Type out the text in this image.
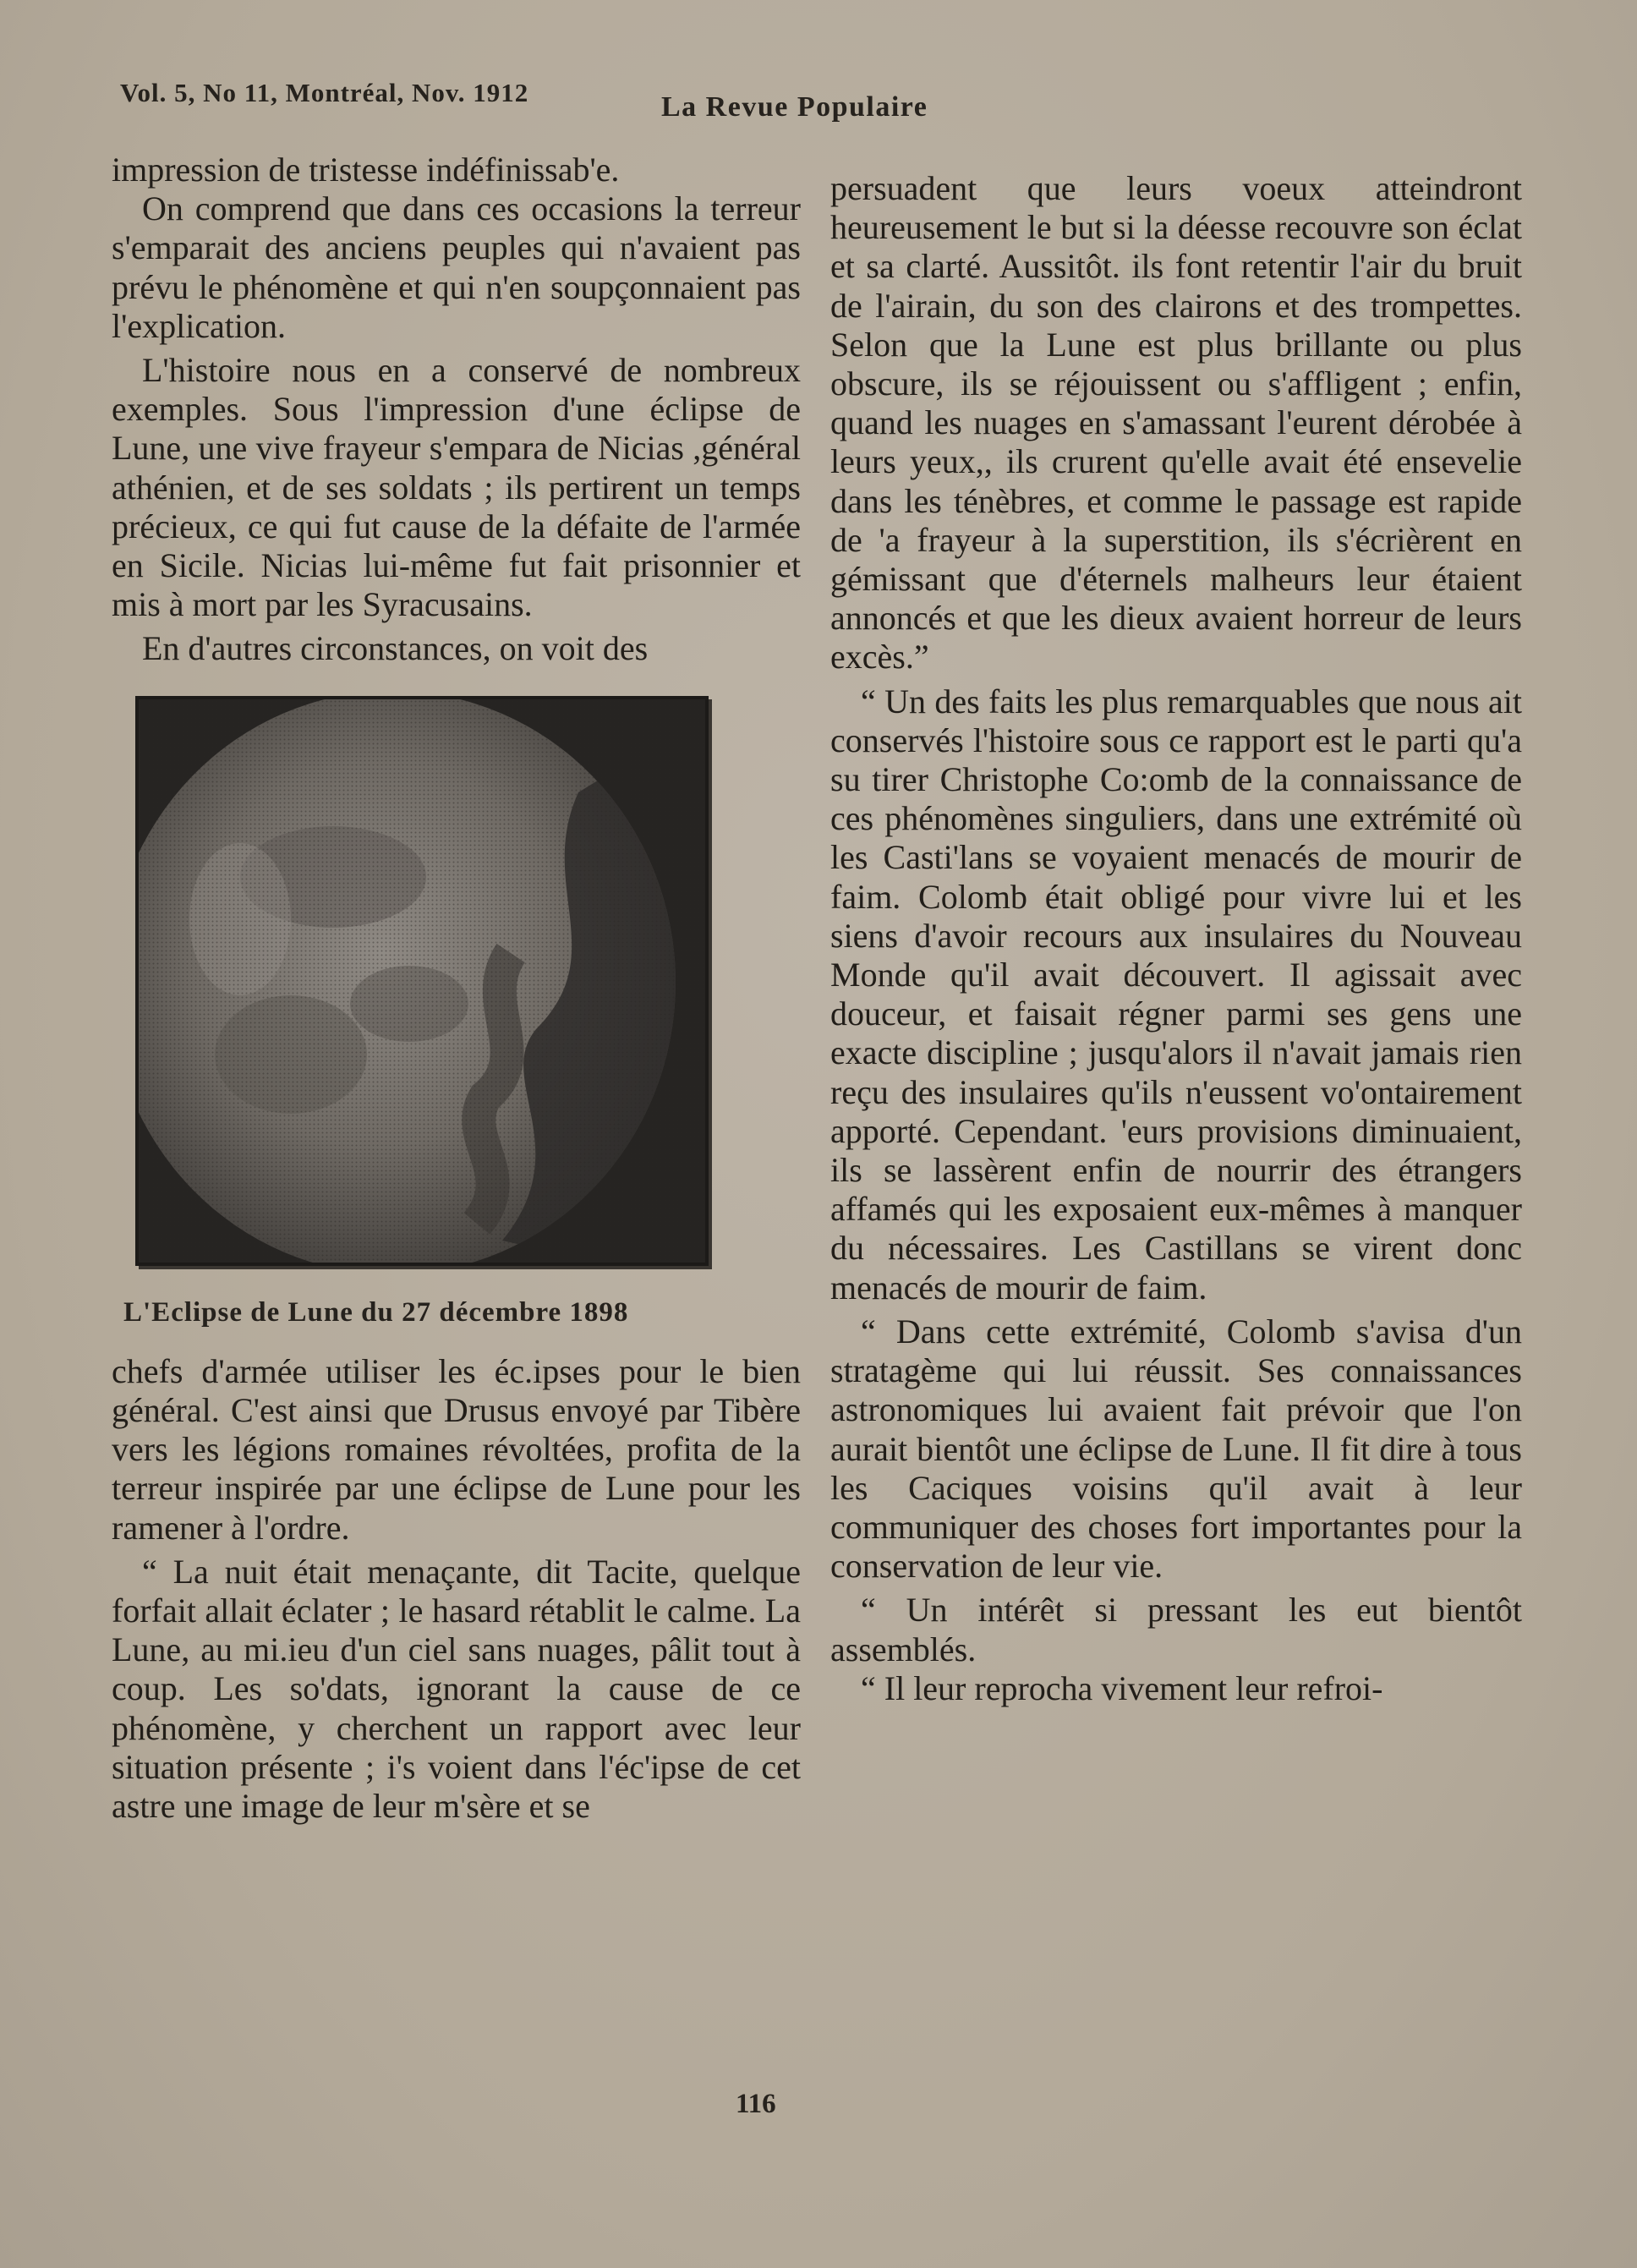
Vol. 5, No 11, Montréal, Nov. 1912	La Revue Populaire

impression de tristesse indéfinissab'e.

On comprend que dans ces occasions la terreur s'emparait des anciens peuples qui n'avaient pas prévu le phénomène et qui n'en soupçonnaient pas l'explication.

L'histoire nous en a conservé de nombreux exemples. Sous l'impression d'une éclipse de Lune, une vive frayeur s'empara de Nicias ,général athénien, et de ses soldats ; ils pertirent un temps précieux, ce qui fut cause de la défaite de l'armée en Sicile. Nicias lui-même fut fait prisonnier et mis à mort par les Syracusains.

En d'autres circonstances, on voit des

L'Eclipse de Lune du 27 décembre 1898

chefs d'armée utiliser les éc.ipses pour le bien général. C'est ainsi que Drusus envoyé par Tibère vers les légions romaines révoltées, profita de la terreur inspirée par une éclipse de Lune pour les ramener à l'ordre.

“ La nuit était menaçante, dit Tacite, quelque forfait allait éclater ; le hasard rétablit le calme. La Lune, au mi.ieu d'un ciel sans nuages, pâlit tout à coup. Les so'dats, ignorant la cause de ce phénomène, y cherchent un rapport avec leur situation présente ; i's voient dans l'éc'ipse de cet astre une image de leur m'sère et se

persuadent que leurs voeux atteindront heureusement le but si la déesse recouvre son éclat et sa clarté. Aussitôt. ils font retentir l'air du bruit de l'airain, du son des clairons et des trompettes. Selon que la Lune est plus brillante ou plus obscure, ils se réjouissent ou s'affligent ; enfin, quand les nuages en s'amassant l'eurent dérobée à leurs yeux,, ils crurent qu'elle avait été ensevelie dans les ténèbres, et comme le passage est rapide de 'a frayeur à la superstition, ils s'écrièrent en gémissant que d'éternels malheurs leur étaient annoncés et que les dieux avaient horreur de leurs excès.”

“ Un des faits les plus remarquables que nous ait conservés l'histoire sous ce rapport est le parti qu'a su tirer Christophe Co:omb de la connaissance de ces phénomènes singuliers, dans une extrémité où les Casti'lans se voyaient menacés de mourir de faim. Colomb était obligé pour vivre lui et les siens d'avoir recours aux insulaires du Nouveau Monde qu'il avait découvert. Il agissait avec douceur, et faisait régner parmi ses gens une exacte discipline ; jusqu'alors il n'avait jamais rien reçu des insulaires qu'ils n'eussent vo'ontairement apporté. Cependant. 'eurs provisions diminuaient, ils se lassèrent enfin de nourrir des étrangers affamés qui les exposaient eux-mêmes à manquer du nécessaires. Les Castillans se virent donc menacés de mourir de faim.

“ Dans cette extrémité, Colomb s'avisa d'un stratagème qui lui réussit. Ses connaissances astronomiques lui avaient fait prévoir que l'on aurait bientôt une éclipse de Lune. Il fit dire à tous les Caciques voisins qu'il avait à leur communiquer des choses fort importantes pour la conservation de leur vie.

“ Un intérêt si pressant les eut bientôt assemblés.

“ Il leur reprocha vivement leur refroi-

116
